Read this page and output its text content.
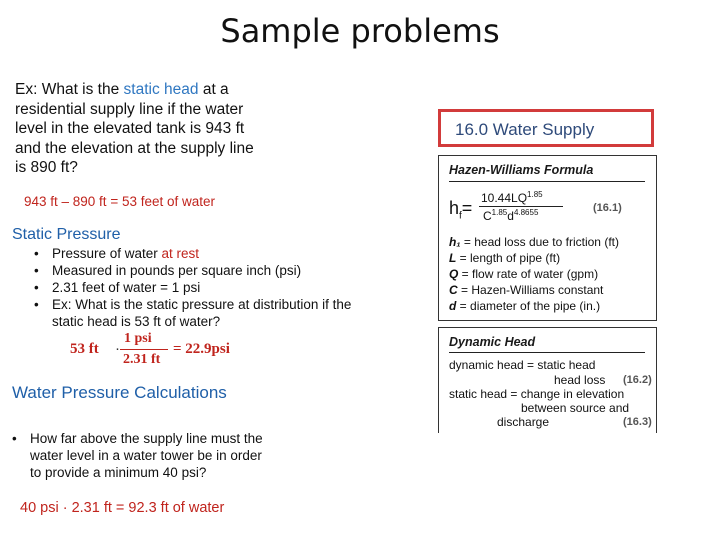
Sample problems
Ex: What is the static head at a
residential supply line if the water
level in the elevated tank is 943 ft
and the elevation at the supply line
is 890 ft?
943 ft – 890 ft = 53 feet of water
Static Pressure
• Pressure of water at rest
• Measured in pounds per square inch (psi)
• 2.31 feet of water = 1 psi
• Ex: What is the static pressure at distribution if the
static head is 53 ft of water?
53 ft ·
1 psi
2.31 ft
= 22.9psi
Water Pressure Calculations
• How far above the supply line must the
water level in a water tower be in order
to provide a minimum 40 psi?
40 psi · 2.31 ft = 92.3 ft of water
16.0 Water Supply
Hazen-Williams Formula
$h_f= 10.44LQ^{1.85}$
$C^{1.85}d^{4.8655}$	(16.1)
h₁ = head loss due to friction (ft)
L = length of pipe (ft)
Q = flow rate of water (gpm)
C = Hazen-Williams constant
d = diameter of the pipe (in.)
Dynamic Head
dynamic head = static head
head loss (16.2)
static head = change in elevation
between source and
discharge	(16.3)
